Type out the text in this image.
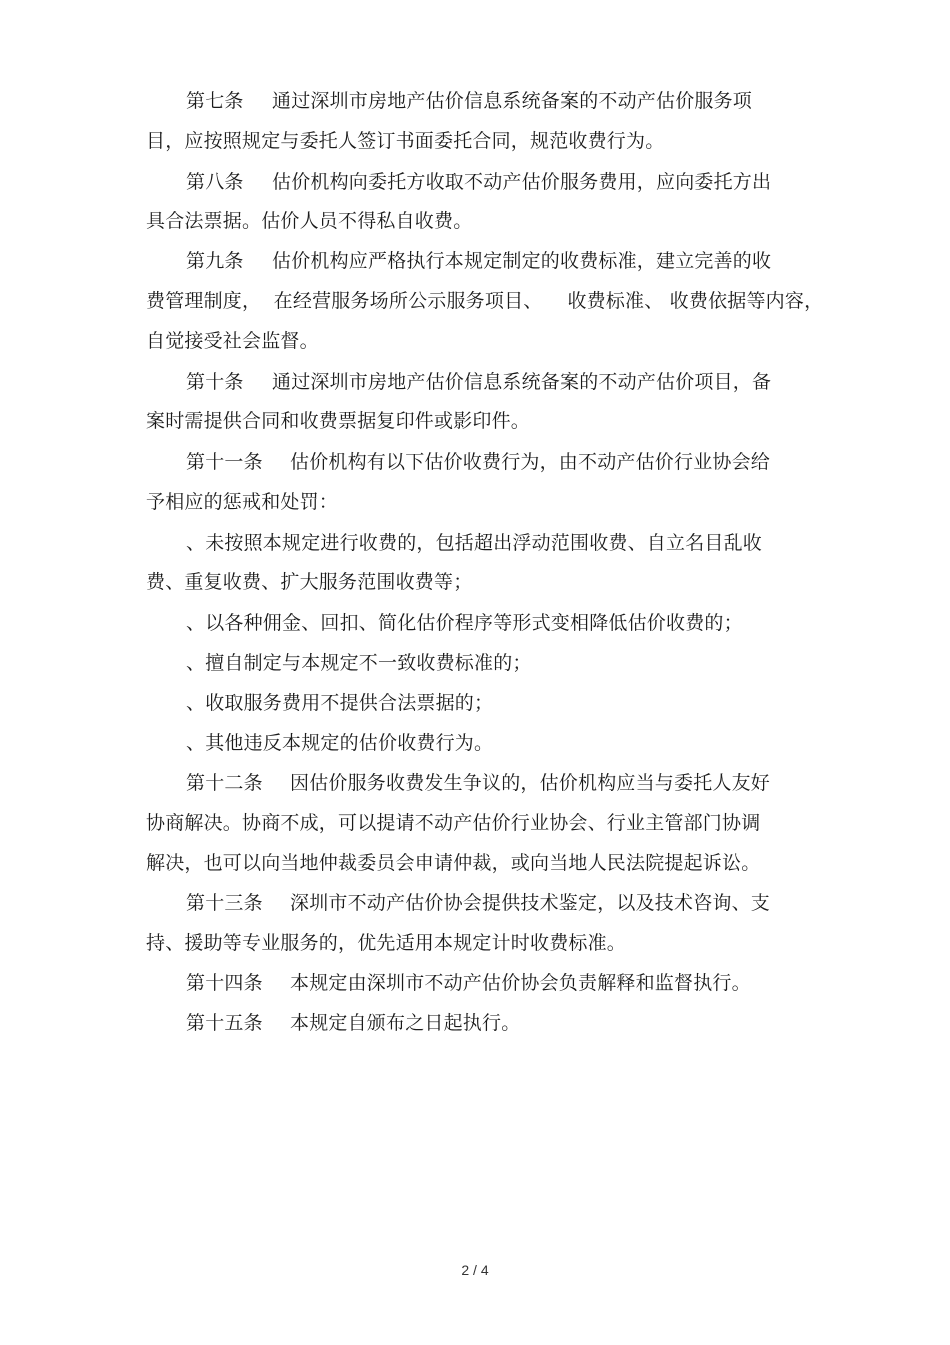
第七条 通过深圳市房地产估价信息系统备案的不动产估价服务项
目，应按照规定与委托人签订书面委托合同，规范收费行为。
第八条 估价机构向委托方收取不动产估价服务费用，应向委托方出
具合法票据。估价人员不得私自收费。
第九条 估价机构应严格执行本规定制定的收费标准，建立完善的收
费管理制度，  在经营服务场所公示服务项目、    收费标准、 收费依据等内容，
自觉接受社会监督。
第十条 通过深圳市房地产估价信息系统备案的不动产估价项目，备
案时需提供合同和收费票据复印件或影印件。
第十一条 估价机构有以下估价收费行为，由不动产估价行业协会给
予相应的惩戒和处罚：
、未按照本规定进行收费的，包括超出浮动范围收费、自立名目乱收
费、重复收费、扩大服务范围收费等；
、以各种佣金、回扣、简化估价程序等形式变相降低估价收费的；
、擅自制定与本规定不一致收费标准的；
、收取服务费用不提供合法票据的；
、其他违反本规定的估价收费行为。
第十二条 因估价服务收费发生争议的，估价机构应当与委托人友好
协商解决。协商不成，可以提请不动产估价行业协会、行业主管部门协调
解决，也可以向当地仲裁委员会申请仲裁，或向当地人民法院提起诉讼。
第十三条 深圳市不动产估价协会提供技术鉴定，以及技术咨询、支
持、援助等专业服务的，优先适用本规定计时收费标准。
第十四条 本规定由深圳市不动产估价协会负责解释和监督执行。
第十五条 本规定自颁布之日起执行。
2 / 4
